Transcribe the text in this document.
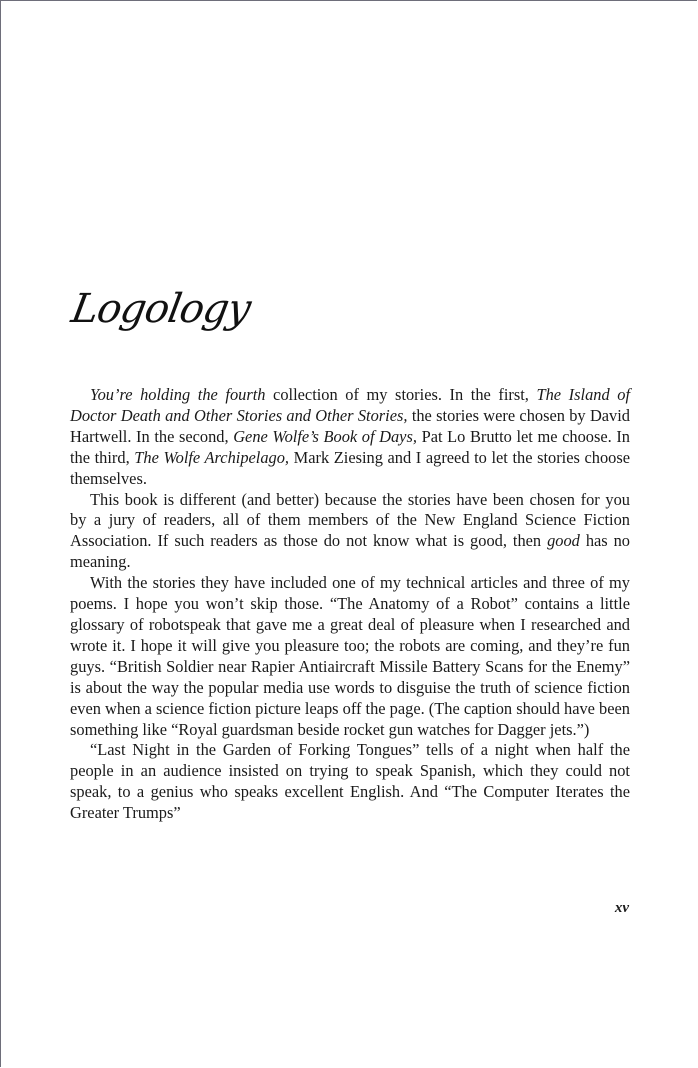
Logology

You’re holding the fourth collection of my stories. In the first, The Island of Doctor Death and Other Stories and Other Stories, the stories were chosen by David Hartwell. In the second, Gene Wolfe’s Book of Days, Pat Lo Brutto let me choose. In the third, The Wolfe Archipelago, Mark Ziesing and I agreed to let the stories choose themselves.

This book is different (and better) because the stories have been chosen for you by a jury of readers, all of them members of the New England Science Fiction Association. If such readers as those do not know what is good, then good has no meaning.

With the stories they have included one of my technical articles and three of my poems. I hope you won’t skip those. “The Anatomy of a Robot” contains a little glossary of robotspeak that gave me a great deal of pleasure when I researched and wrote it. I hope it will give you pleasure too; the robots are coming, and they’re fun guys. “British Soldier near Rapier Antiaircraft Missile Battery Scans for the Enemy” is about the way the popular media use words to disguise the truth of science fiction even when a science fiction picture leaps off the page. (The caption should have been something like “Royal guardsman beside rocket gun watches for Dagger jets.”)

“Last Night in the Garden of Forking Tongues” tells of a night when half the people in an audience insisted on trying to speak Spanish, which they could not speak, to a genius who speaks excellent English. And “The Computer Iterates the Greater Trumps”

xv
